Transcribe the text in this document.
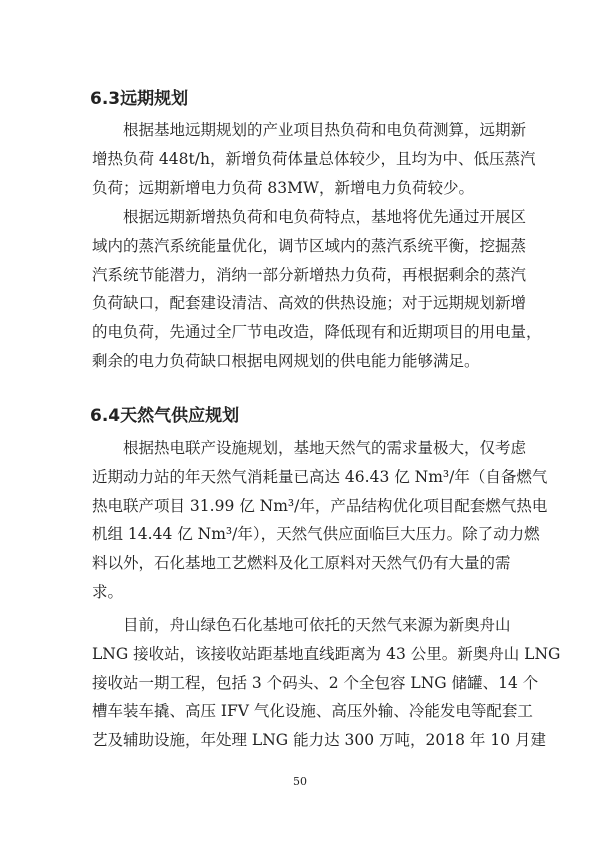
6.3远期规划
根据基地远期规划的产业项目热负荷和电负荷测算，远期新
增热负荷 448t/h，新增负荷体量总体较少，且均为中、低压蒸汽
负荷；远期新增电力负荷 83MW，新增电力负荷较少。
根据远期新增热负荷和电负荷特点，基地将优先通过开展区
域内的蒸汽系统能量优化，调节区域内的蒸汽系统平衡，挖掘蒸
汽系统节能潜力，消纳一部分新增热力负荷，再根据剩余的蒸汽
负荷缺口，配套建设清洁、高效的供热设施；对于远期规划新增
的电负荷，先通过全厂节电改造，降低现有和近期项目的用电量，
剩余的电力负荷缺口根据电网规划的供电能力能够满足。
6.4天然气供应规划
根据热电联产设施规划，基地天然气的需求量极大，仅考虑
近期动力站的年天然气消耗量已高达 46.43 亿 Nm³/年（自备燃气
热电联产项目 31.99 亿 Nm³/年，产品结构优化项目配套燃气热电
机组 14.44 亿 Nm³/年），天然气供应面临巨大压力。除了动力燃
料以外，石化基地工艺燃料及化工原料对天然气仍有大量的需
求。
目前，舟山绿色石化基地可依托的天然气来源为新奥舟山
LNG 接收站，该接收站距基地直线距离为 43 公里。新奥舟山 LNG
接收站一期工程，包括 3 个码头、2 个全包容 LNG 储罐、14 个
槽车装车撬、高压 IFV 气化设施、高压外输、冷能发电等配套工
艺及辅助设施，年处理 LNG 能力达 300 万吨，2018 年 10 月建
50
